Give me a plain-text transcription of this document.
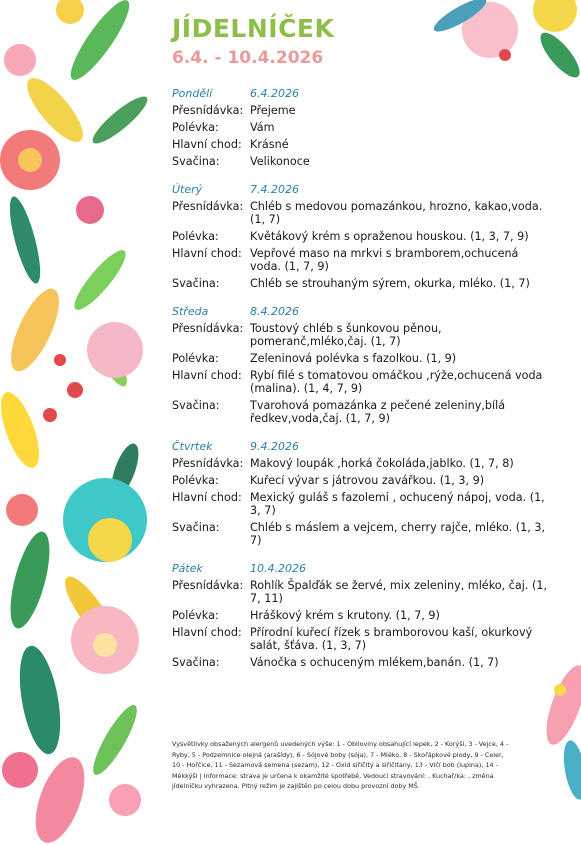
JÍDELNÍČEK
6.4. - 10.4.2026
Pondělí	6.4.2026
Přesnídávka: Přejeme
Polévka:	Vám
Hlavní chod: Krásné
Svačina:	Velikonoce
Úterý	7.4.2026
Přesnídávka: Chléb s medovou pomazánkou, hrozno, kakao,voda. (1, 7)
Polévka:	Květákový krém s opraženou houskou. (1, 3, 7, 9)
Hlavní chod: Vepřové maso na mrkvi s bramborem,ochucená voda. (1, 7, 9)
Svačina:	Chléb se strouhaným sýrem, okurka, mléko. (1, 7)
Středa	8.4.2026
Přesnídávka: Toustový chléb s šunkovou pěnou, pomeranč,mléko,čaj. (1, 7)
Polévka:	Zeleninová polévka s fazolkou. (1, 9)
Hlavní chod: Rybí filé s tomatovou omáčkou ,rýže,ochucená voda (malina). (1, 4, 7, 9)
Svačina:	Tvarohová pomazánka z pečené zeleniny,bílá ředkev,voda,čaj. (1, 7, 9)
Čtvrtek	9.4.2026
Přesnídávka: Makový loupák ,horká čokoláda,jablko. (1, 7, 8)
Polévka:	Kuřecí vývar s játrovou zavářkou. (1, 3, 9)
Hlavní chod: Mexický guláš s fazolemi , ochucený nápoj, voda. (1, 3, 7)
Svačina:	Chléb s máslem a vejcem, cherry rajče, mléko. (1, 3, 7)
Pátek	10.4.2026
Přesnídávka: Rohlík Špalďák se žervé, mix zeleniny, mléko, čaj. (1, 7, 11)
Polévka:	Hráškový krém s krutony. (1, 7, 9)
Hlavní chod: Přírodní kuřecí řízek s bramborovou kaší, okurkový salát, šťáva. (1, 3, 7)
Svačina:	Vánočka s ochuceným mlékem,banán. (1, 7)
Vysvětlivky obsažených alergenů uvedených výše: 1 - Obiloviny obsahující lepek, 2 - Korýši, 3 - Vejce, 4 - Ryby, 5 - Podzemnice olejná (arašídy), 6 - Sójové boby (sója), 7 - Mléko, 8 - Skořápkové plody, 9 - Celer, 10 - Hořčice, 11 - Sezamová semena (sezam), 12 - Oxid siřičitý a siřičitany, 13 - Vlčí bob (lupina), 14 - Měkkýši | Informace: strava je určena k okamžité spotřebě, Vedoucí stravování: , Kuchař/ka: , změna jídelníčku vyhrazena. Pitný režim je zajištěn po celou dobu provozní doby MŠ.
